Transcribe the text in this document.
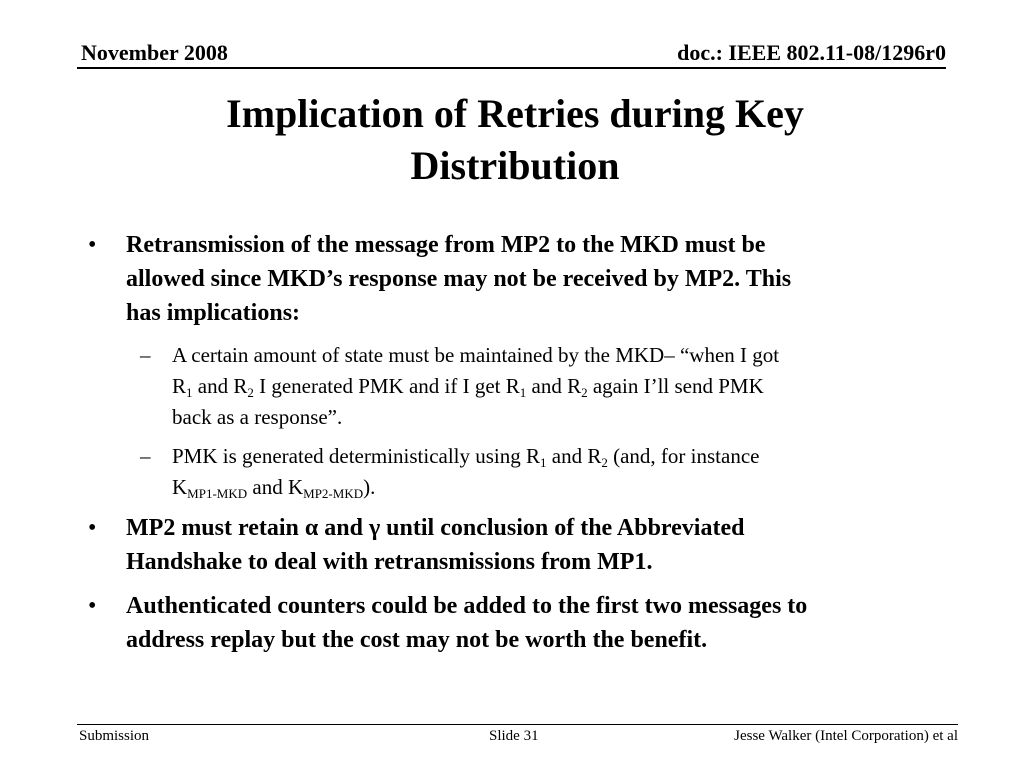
November 2008	doc.: IEEE 802.11-08/1296r0
Implication of Retries during Key
Distribution
• Retransmission of the message from MP2 to the MKD must be
allowed since MKD’s response may not be received by MP2. This
has implications:
– A certain amount of state must be maintained by the MKD– “when I got
$R_1$ and $R_2$ I generated PMK and if I get $R_1$ and $R_2$ again I’ll send PMK
back as a response”.
– PMK is generated deterministically using $R_1$ and $R_2$ (and, for instance
$K_{MP1-MKD}$ and $K_{MP2-MKD}$).
• MP2 must retain α and γ until conclusion of the Abbreviated
Handshake to deal with retransmissions from MP1.
• Authenticated counters could be added to the first two messages to
address replay but the cost may not be worth the benefit.
Submission	Slide 31	Jesse Walker (Intel Corporation) et al
